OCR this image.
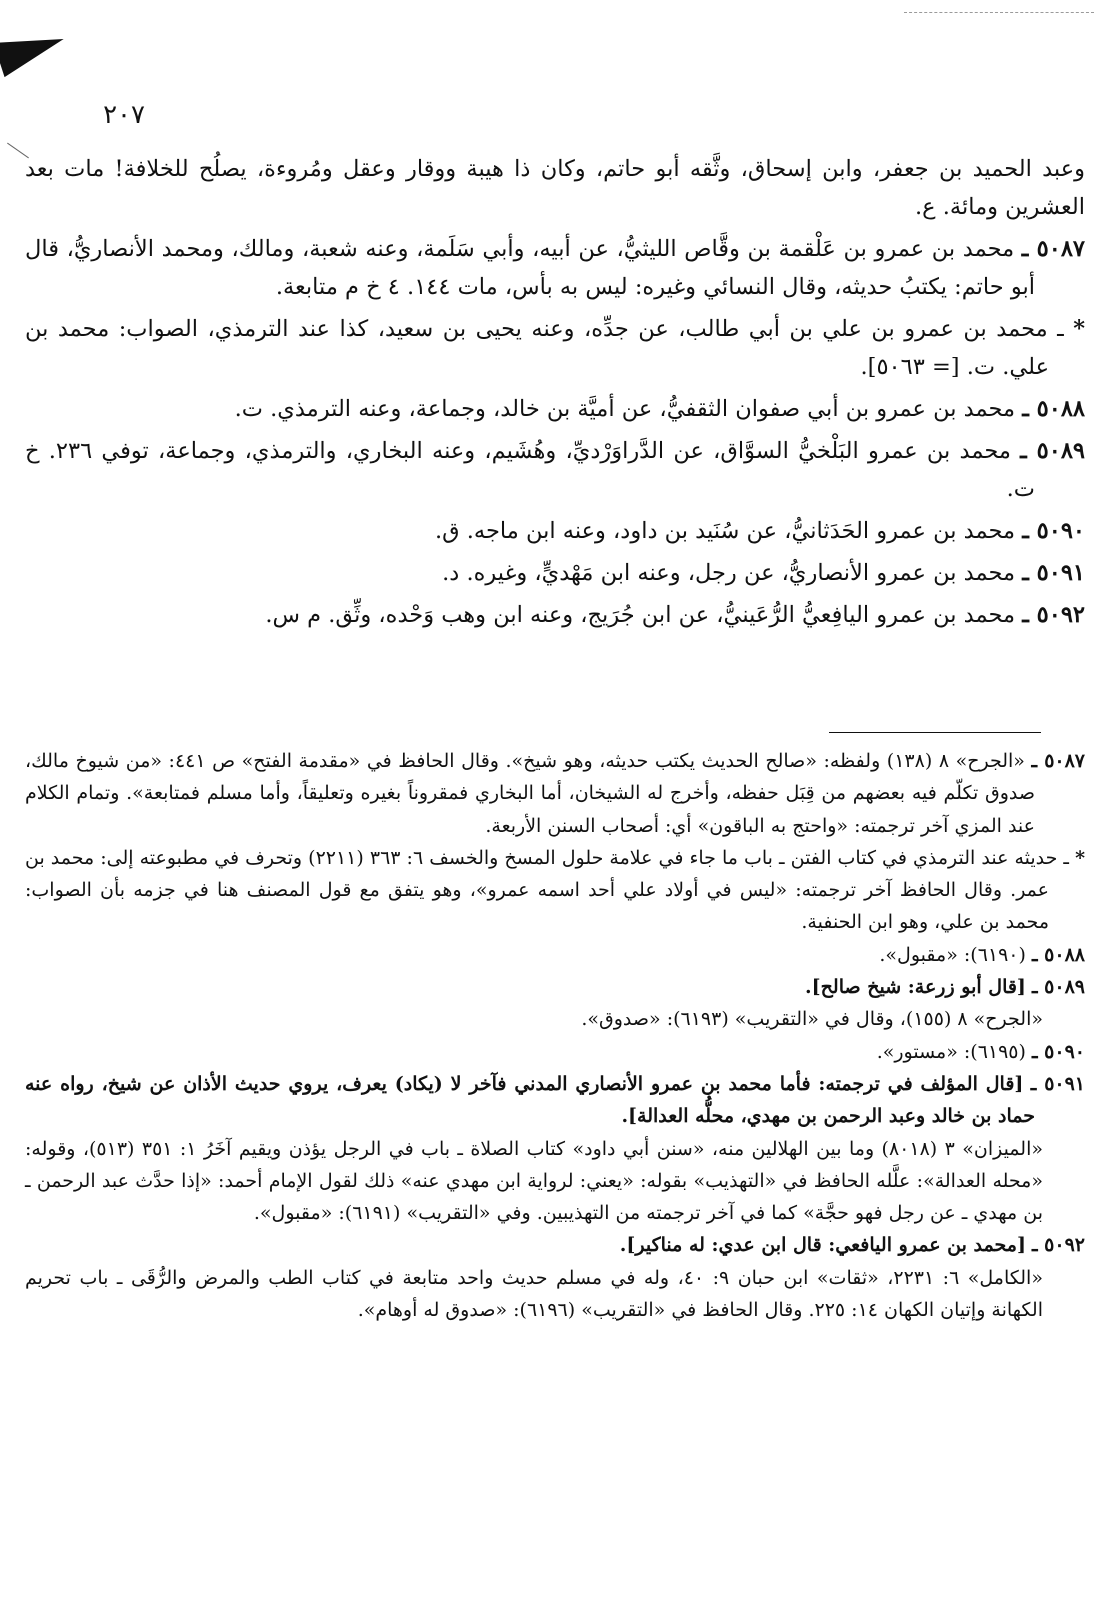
٢٠٧

وعبد الحميد بن جعفر، وابن إسحاق، وثَّقه أبو حاتم، وكان ذا هيبة ووقار وعقل ومُروءة، يصلُح للخلافة! مات بعد العشرين ومائة. ع.

٥٠٨٧ ـ محمد بن عمرو بن عَلْقمة بن وقَّاص الليثيُّ، عن أبيه، وأبي سَلَمة، وعنه شعبة، ومالك، ومحمد الأنصاريُّ، قال أبو حاتم: يكتبُ حديثه، وقال النسائي وغيره: ليس به بأس، مات ١٤٤. ٤ خ م متابعة.

* ـ محمد بن عمرو بن علي بن أبي طالب، عن جدِّه، وعنه يحيى بن سعيد، كذا عند الترمذي، الصواب: محمد بن علي. ت. [= ٥٠٦٣].

٥٠٨٨ ـ محمد بن عمرو بن أبي صفوان الثقفيُّ، عن أميَّة بن خالد، وجماعة، وعنه الترمذي. ت.

٥٠٨٩ ـ محمد بن عمرو البَلْخيُّ السوَّاق، عن الدَّراوَرْديِّ، وهُشَيم، وعنه البخاري، والترمذي، وجماعة، توفي ٢٣٦. خ ت.

٥٠٩٠ ـ محمد بن عمرو الحَدَثانيُّ، عن سُنَيد بن داود، وعنه ابن ماجه. ق.

٥٠٩١ ـ محمد بن عمرو الأنصاريُّ، عن رجل، وعنه ابن مَهْديٍّ، وغيره. د.

٥٠٩٢ ـ محمد بن عمرو اليافِعيُّ الرُّعَينيُّ، عن ابن جُرَيج، وعنه ابن وهب وَحْده، وثِّق. م س.

٥٠٨٧ ـ «الجرح» ٨ (١٣٨) ولفظه: «صالح الحديث يكتب حديثه، وهو شيخ». وقال الحافظ في «مقدمة الفتح» ص ٤٤١: «من شيوخ مالك، صدوق تكلّم فيه بعضهم من قِبَل حفظه، وأخرج له الشيخان، أما البخاري فمقروناً بغيره وتعليقاً، وأما مسلم فمتابعة». وتمام الكلام عند المزي آخر ترجمته: «واحتج به الباقون» أي: أصحاب السنن الأربعة.

* ـ حديثه عند الترمذي في كتاب الفتن ـ باب ما جاء في علامة حلول المسخ والخسف ٦: ٣٦٣ (٢٢١١) وتحرف في مطبوعته إلى: محمد بن عمر. وقال الحافظ آخر ترجمته: «ليس في أولاد علي أحد اسمه عمرو»، وهو يتفق مع قول المصنف هنا في جزمه بأن الصواب: محمد بن علي، وهو ابن الحنفية.

٥٠٨٨ ـ (٦١٩٠): «مقبول».

٥٠٨٩ ـ [قال أبو زرعة: شيخ صالح].

«الجرح» ٨ (١٥٥)، وقال في «التقريب» (٦١٩٣): «صدوق».

٥٠٩٠ ـ (٦١٩٥): «مستور».

٥٠٩١ ـ [قال المؤلف في ترجمته: فأما محمد بن عمرو الأنصاري المدني فآخر لا (يكاد) يعرف، يروي حديث الأذان عن شيخ، رواه عنه حماد بن خالد وعبد الرحمن بن مهدي، محلُّه العدالة].

«الميزان» ٣ (٨٠١٨) وما بين الهلالين منه، «سنن أبي داود» كتاب الصلاة ـ باب في الرجل يؤذن ويقيم آخَرُ ١: ٣٥١ (٥١٣)، وقوله: «محله العدالة»: علَّله الحافظ في «التهذيب» بقوله: «يعني: لرواية ابن مهدي عنه» ذلك لقول الإمام أحمد: «إذا حدَّث عبد الرحمن ـ بن مهدي ـ عن رجل فهو حجَّة» كما في آخر ترجمته من التهذيبين. وفي «التقريب» (٦١٩١): «مقبول».

٥٠٩٢ ـ [محمد بن عمرو اليافعي: قال ابن عدي: له مناكير].

«الكامل» ٦: ٢٢٣١، «ثقات» ابن حبان ٩: ٤٠، وله في مسلم حديث واحد متابعة في كتاب الطب والمرض والرُّقَى ـ باب تحريم الكهانة وإتيان الكهان ١٤: ٢٢٥. وقال الحافظ في «التقريب» (٦١٩٦): «صدوق له أوهام».
